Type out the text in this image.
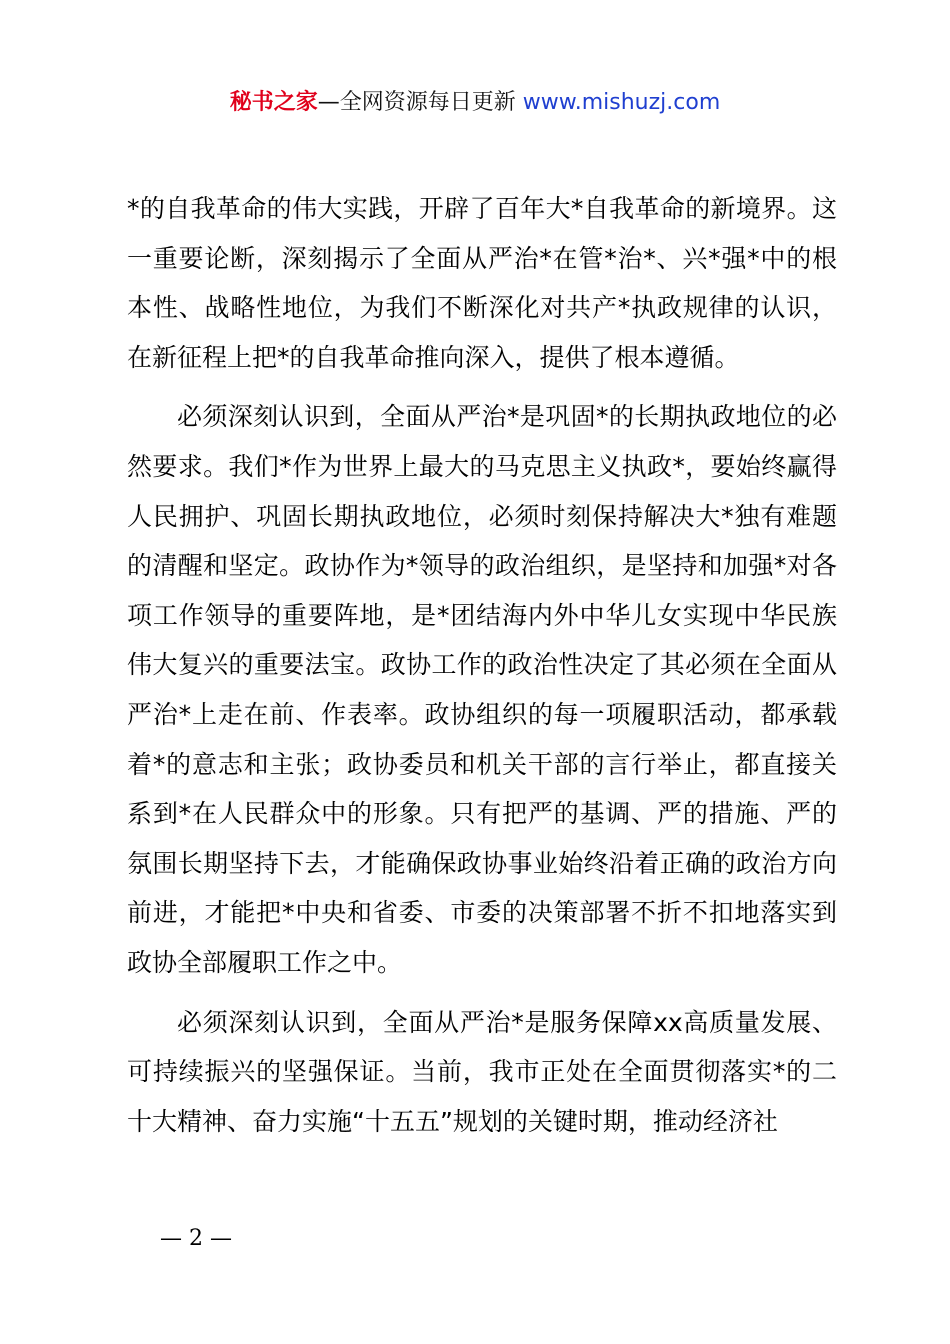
秘书之家—全网资源每日更新 www.mishuzj.com

*的自我革命的伟大实践，开辟了百年大*自我革命的新境界。这一重要论断，深刻揭示了全面从严治*在管*治*、兴*强*中的根本性、战略性地位，为我们不断深化对共产*执政规律的认识，在新征程上把*的自我革命推向深入，提供了根本遵循。

必须深刻认识到，全面从严治*是巩固*的长期执政地位的必然要求。我们*作为世界上最大的马克思主义执政*，要始终赢得人民拥护、巩固长期执政地位，必须时刻保持解决大*独有难题的清醒和坚定。政协作为*领导的政治组织，是坚持和加强*对各项工作领导的重要阵地，是*团结海内外中华儿女实现中华民族伟大复兴的重要法宝。政协工作的政治性决定了其必须在全面从严治*上走在前、作表率。政协组织的每一项履职活动，都承载着*的意志和主张；政协委员和机关干部的言行举止，都直接关系到*在人民群众中的形象。只有把严的基调、严的措施、严的氛围长期坚持下去，才能确保政协事业始终沿着正确的政治方向前进，才能把*中央和省委、市委的决策部署不折不扣地落实到政协全部履职工作之中。

必须深刻认识到，全面从严治*是服务保障xx高质量发展、可持续振兴的坚强保证。当前，我市正处在全面贯彻落实*的二十大精神、奋力实施“十五五”规划的关键时期，推动经济社

— 2 —
